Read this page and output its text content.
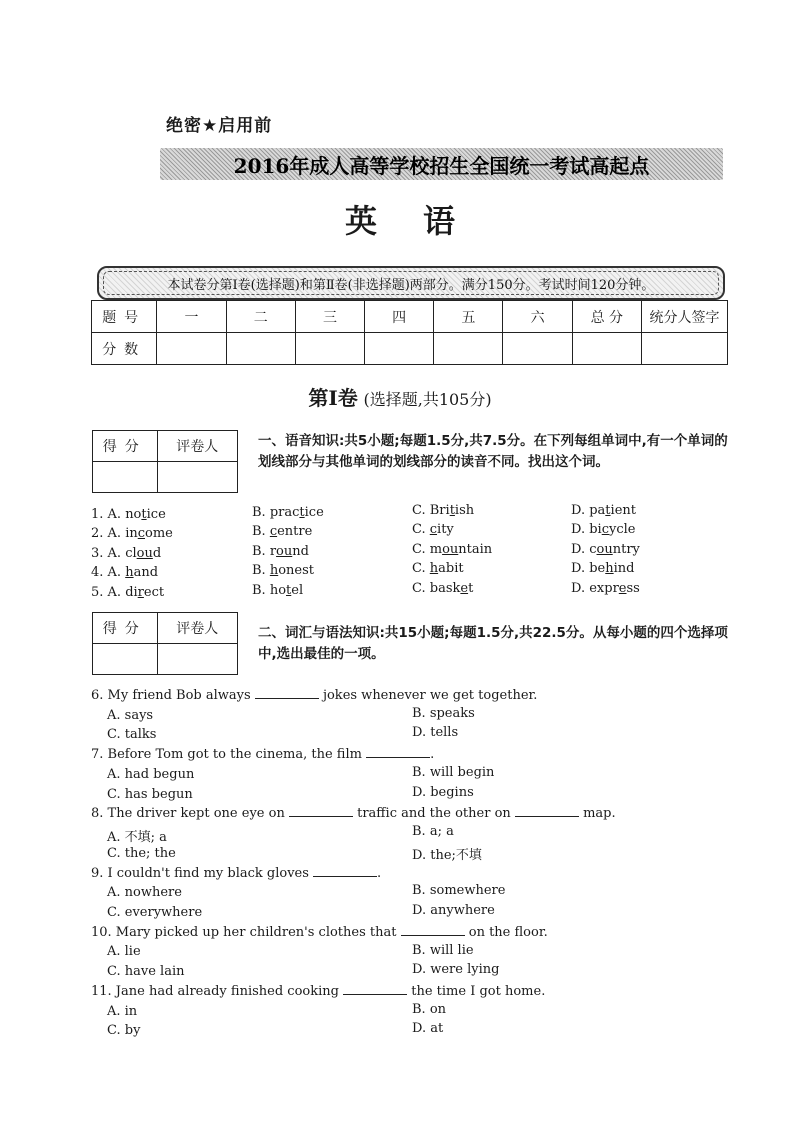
绝密★启用前
2016年成人高等学校招生全国统一考试高起点
英语
本试卷分第Ⅰ卷(选择题)和第Ⅱ卷(非选择题)两部分。满分150分。考试时间120分钟。
题号	一	二	三	四	五	六	总 分	统分人签字
分数								
第Ⅰ卷 (选择题,共105分)
得分	评卷人
		一、语音知识:共5小题;每题1.5分,共7.5分。在下列每组单词中,有一个单词的划线部分与其他单词的划线部分的读音不同。找出这个词。
1. A. notice	B. practice	C. British	D. patient
2. A. income	B. centre	C. city	D. bicycle
3. A. cloud	B. round	C. mountain	D. country
4. A. hand	B. honest	C. habit	D. behind
5. A. direct	B. hotel	C. basket	D. express
得分	评卷人
		二、词汇与语法知识:共15小题;每题1.5分,共22.5分。从每小题的四个选择项中,选出最佳的一项。
6. My friend Bob always	jokes whenever we get together.
A. says	B. speaks
C. talks	D. tells
7. Before Tom got to the cinema, the film	.
A. had begun	B. will begin
C. has begun	D. begins
8. The driver kept one eye on	traffic and the other on	map.
A. 不填; a	B. a; a
C. the; the	D. the;不填
9. I couldn't find my black gloves	.
A. nowhere	B. somewhere
C. everywhere	D. anywhere
10. Mary picked up her children's clothes that	on the floor.
A. lie	B. will lie
C. have lain	D. were lying
11. Jane had already finished cooking	the time I got home.
A. in	B. on
C. by	D. at
